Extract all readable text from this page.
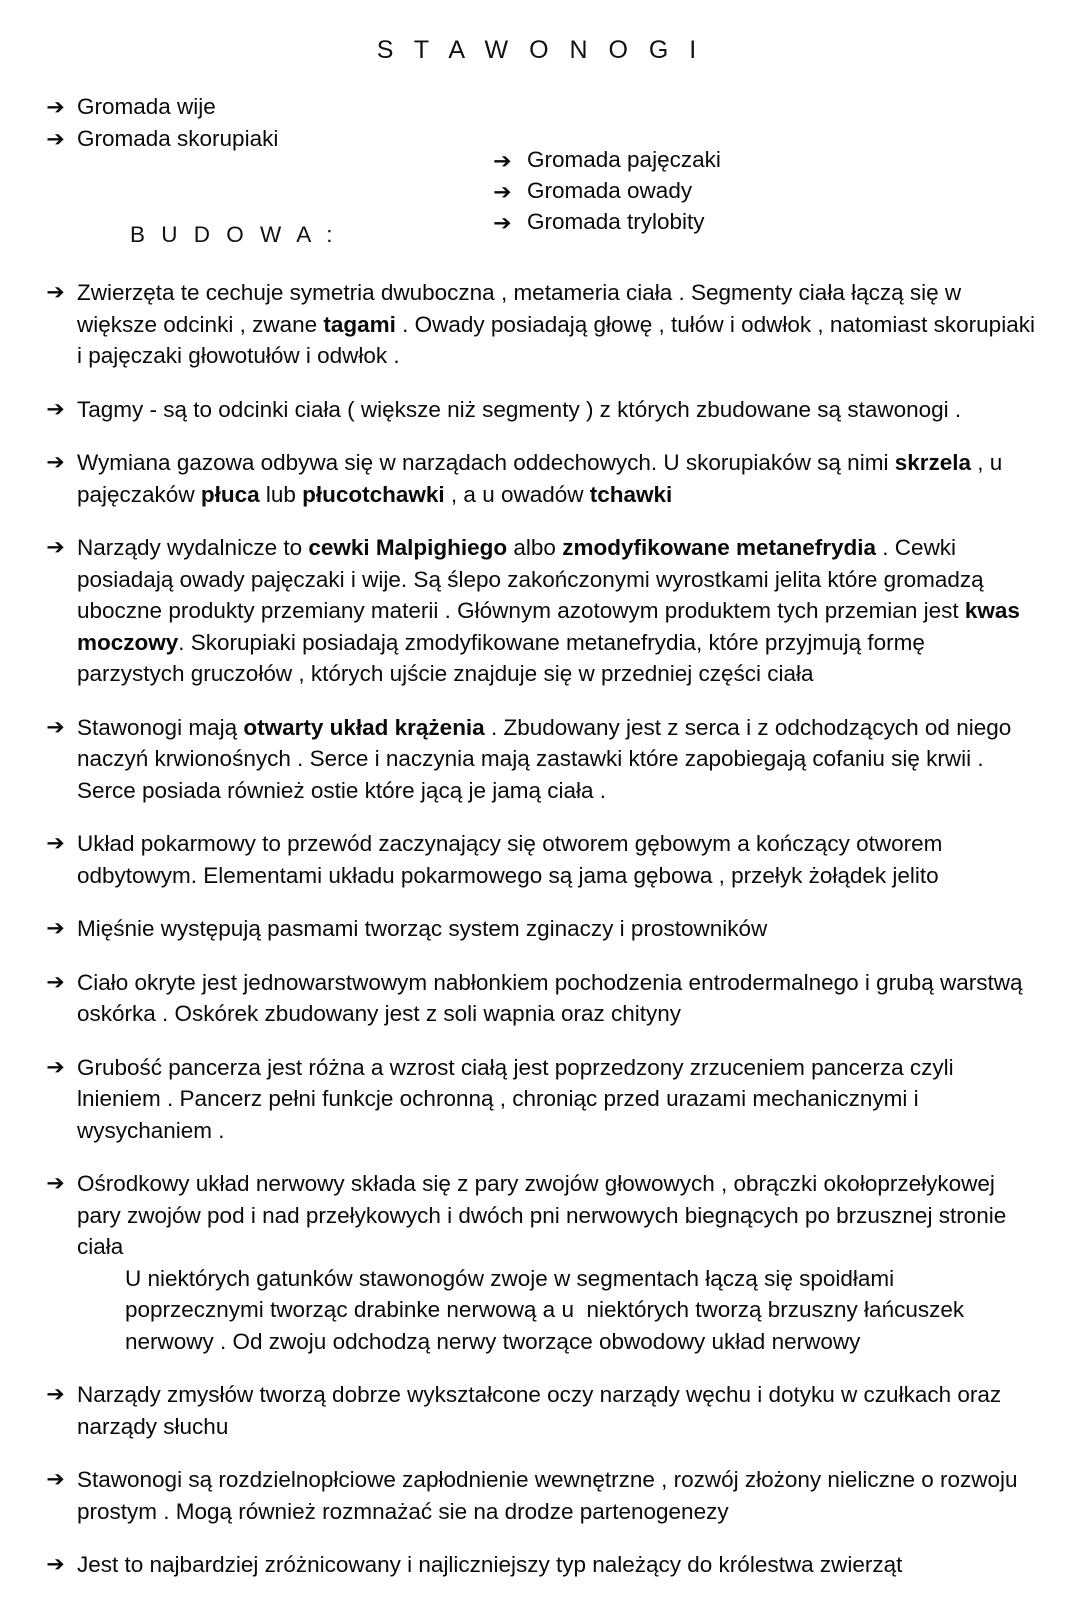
S T A W O N O G I
➔ Gromada wije
➔ Gromada skorupiaki
➔ Gromada pajęczaki
➔ Gromada owady
➔ Gromada trylobity
B U D O W A :
➔ Zwierzęta te cechuje symetria dwuboczna , metameria ciała . Segmenty ciała łączą się w większe odcinki , zwane tagami . Owady posiadają głowę , tułów i odwłok , natomiast skorupiaki i pajęczaki głowotułów i odwłok .
➔ Tagmy - są to odcinki ciała ( większe niż segmenty ) z których zbudowane są stawonogi .
➔ Wymiana gazowa odbywa się w narządach oddechowych. U skorupiaków są nimi skrzela , u pajęczaków płuca lub płucotchawki , a u owadów tchawki
➔ Narządy wydalnicze to cewki Malpighiego albo zmodyfikowane metanefrydia . Cewki posiadają owady pajęczaki i wije. Są ślepo zakończonymi wyrostkami jelita które gromadzą uboczne produkty przemiany materii . Głównym azotowym produktem tych przemian jest kwas moczowy. Skorupiaki posiadają zmodyfikowane metanefrydia, które przyjmują formę parzystych gruczołów , których ujście znajduje się w przedniej części ciała
➔ Stawonogi mają otwarty układ krążenia . Zbudowany jest z serca i z odchodzących od niego naczyń krwionośnych . Serce i naczynia mają zastawki które zapobiegają cofaniu się krwii . Serce posiada również ostie które jącą je jamą ciała .
➔ Układ pokarmowy to przewód zaczynający się otworem gębowym a kończący otworem odbytowym. Elementami układu pokarmowego są jama gębowa , przełyk żołądek jelito
➔ Mięśnie występują pasmami tworząc system zginaczy i prostowników
➔ Ciało okryte jest jednowarstwowym nabłonkiem pochodzenia entrodermalnego i grubą warstwą oskórka . Oskórek zbudowany jest z soli wapnia oraz chityny
➔ Grubość pancerza jest różna a wzrost ciałą jest poprzedzony zrzuceniem pancerza czyli lnieniem . Pancerz pełni funkcje ochronną , chroniąc przed urazami mechanicznymi i wysychaniem .
➔ Ośrodkowy układ nerwowy składa się z pary zwojów głowowych , obrączki okołoprzełykowej pary zwojów pod i nad przełykowych i dwóch pni nerwowych biegnących po brzusznej stronie ciała
U niektórych gatunków stawonogów zwoje w segmentach łączą się spoidłami poprzecznymi tworząc drabinke nerwową a u  niektórych tworzą brzuszny łańcuszek nerwowy . Od zwoju odchodzą nerwy tworzące obwodowy układ nerwowy
➔ Narządy zmysłów tworzą dobrze wykształcone oczy narządy węchu i dotyku w czułkach oraz narządy słuchu
➔ Stawonogi są rozdzielnopłciowe zapłodnienie wewnętrzne , rozwój złożony nieliczne o rozwoju prostym . Mogą również rozmnażać sie na drodze partenogenezy
➔ Jest to najbardziej zróżnicowany i najliczniejszy typ należący do królestwa zwierząt
